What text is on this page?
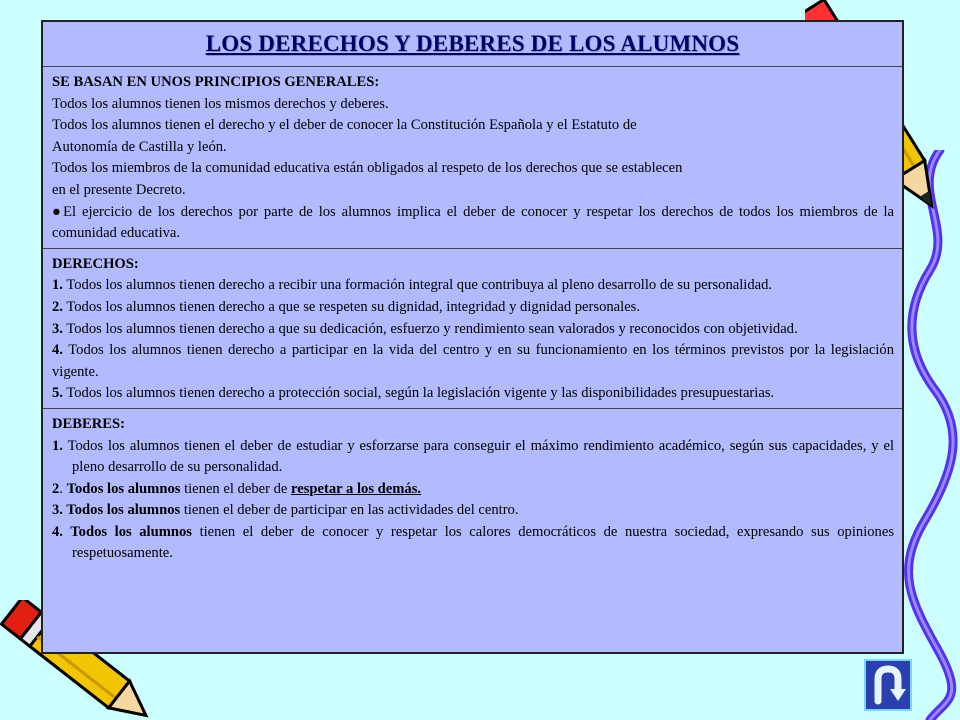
LOS DERECHOS Y DEBERES DE LOS ALUMNOS

SE BASAN EN UNOS PRINCIPIOS GENERALES:

Todos los alumnos tienen los mismos derechos y deberes.

Todos los alumnos tienen el derecho y el deber de conocer la Constitución Española y el Estatuto de

Autonomía de Castilla y león.

Todos los miembros de la comunidad educativa están obligados al respeto de los derechos que se establecen

en el presente Decreto.

●El ejercicio de los derechos por parte de los alumnos implica el deber de conocer y respetar los derechos de todos los miembros de la comunidad educativa.

DERECHOS:

1. Todos los alumnos tienen derecho a recibir una formación integral que contribuya al pleno desarrollo de su personalidad.

2. Todos los alumnos tienen derecho a que se respeten su dignidad, integridad y dignidad personales.

3. Todos los alumnos tienen derecho a que su dedicación, esfuerzo y rendimiento sean valorados y reconocidos con objetividad.

4. Todos los alumnos tienen derecho a participar en la vida del centro y en su funcionamiento en los términos previstos por la legislación vigente.

5. Todos los alumnos tienen derecho a protección social, según la legislación vigente y las disponibilidades presupuestarias.

DEBERES:

1. Todos los alumnos tienen el deber de estudiar y esforzarse para conseguir el máximo rendimiento académico, según sus capacidades, y el pleno desarrollo de su personalidad.

2. Todos los alumnos tienen el deber de respetar a los demás.

3. Todos los alumnos tienen el deber de participar en las actividades del centro.

4. Todos los alumnos tienen el deber de conocer y respetar los calores democráticos de nuestra sociedad, expresando sus opiniones respetuosamente.
